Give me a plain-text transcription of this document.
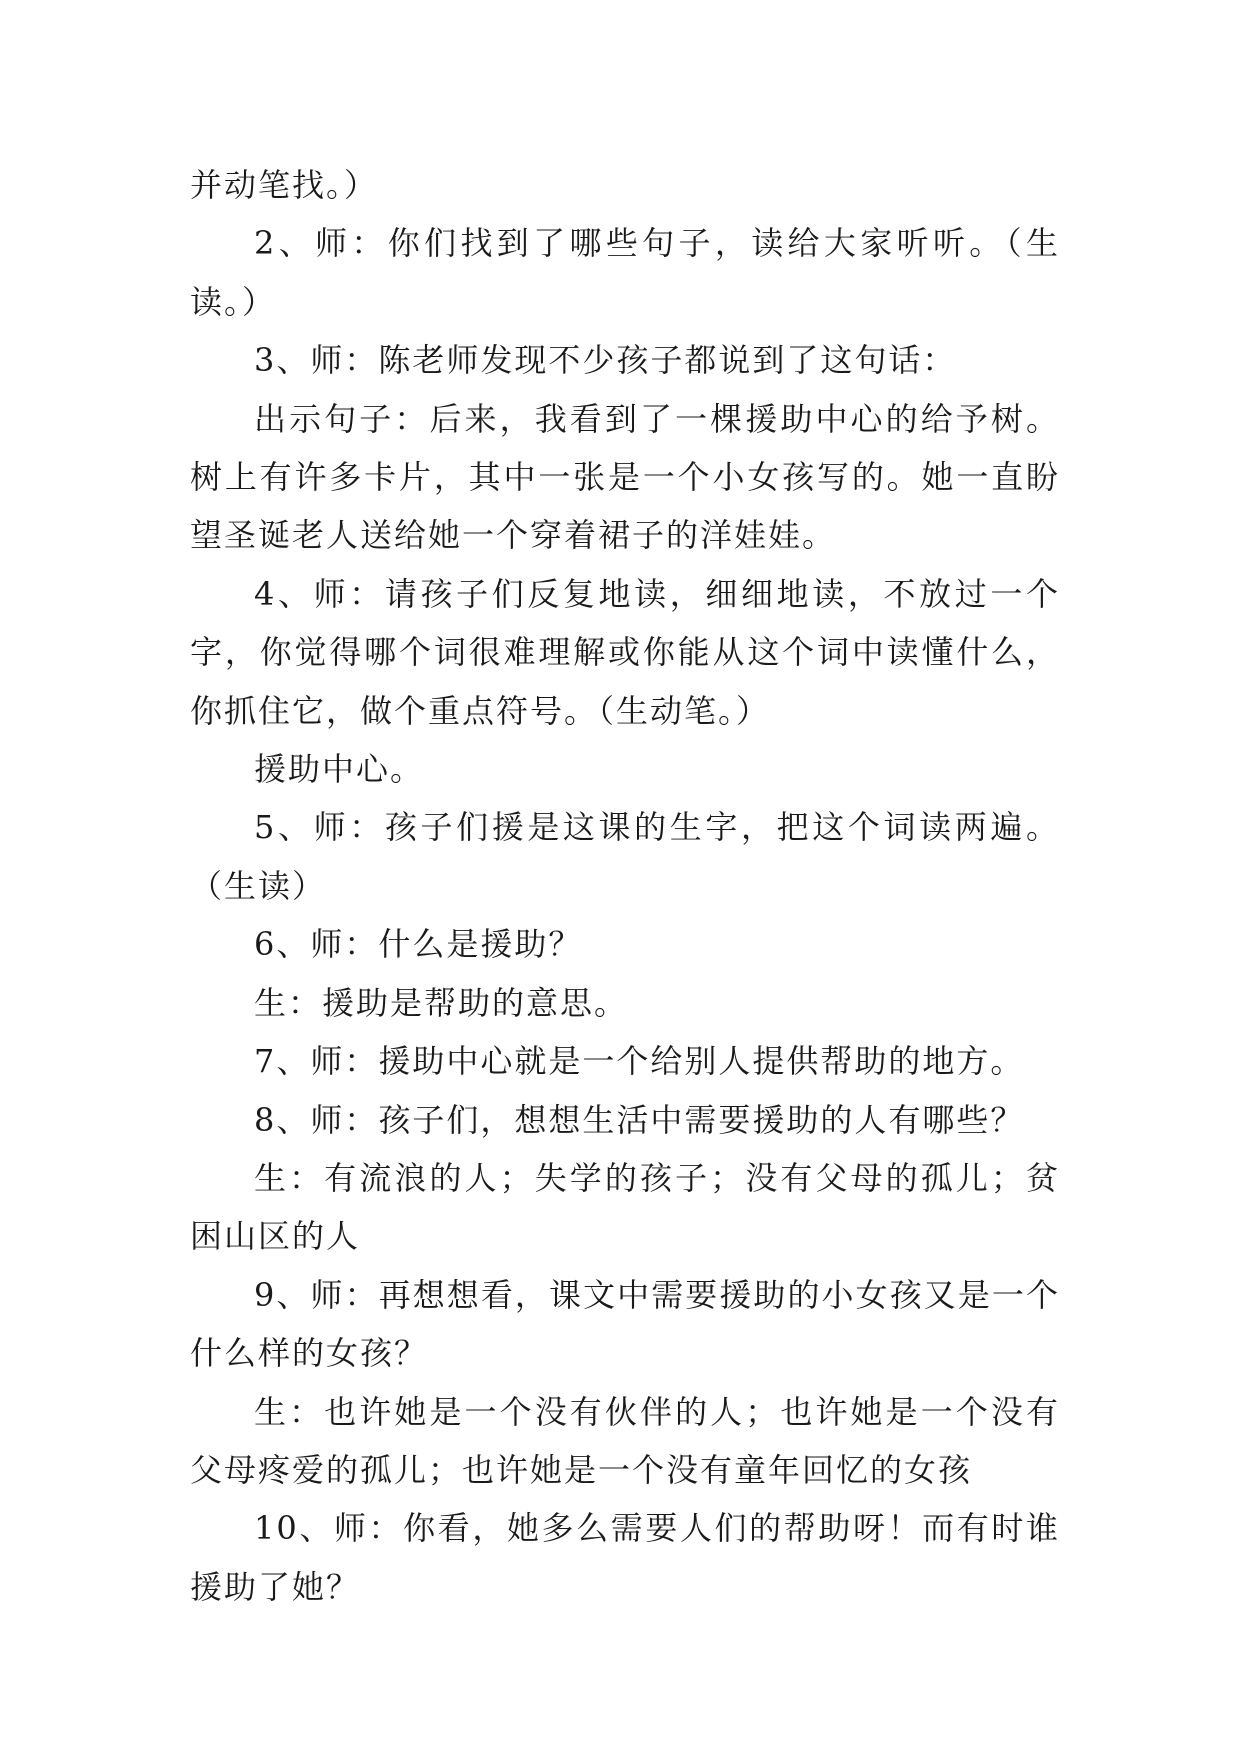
并动笔找。）

2、师：你们找到了哪些句子，读给大家听听。（生读。）

3、师：陈老师发现不少孩子都说到了这句话：

出示句子：后来，我看到了一棵援助中心的给予树。树上有许多卡片，其中一张是一个小女孩写的。她一直盼望圣诞老人送给她一个穿着裙子的洋娃娃。

4、师：请孩子们反复地读，细细地读，不放过一个字，你觉得哪个词很难理解或你能从这个词中读懂什么，你抓住它，做个重点符号。（生动笔。）

援助中心。

5、师：孩子们援是这课的生字，把这个词读两遍。（生读）

6、师：什么是援助？

生：援助是帮助的意思。

7、师：援助中心就是一个给别人提供帮助的地方。

8、师：孩子们，想想生活中需要援助的人有哪些？

生：有流浪的人；失学的孩子；没有父母的孤儿；贫困山区的人

9、师：再想想看，课文中需要援助的小女孩又是一个什么样的女孩？

生：也许她是一个没有伙伴的人；也许她是一个没有父母疼爱的孤儿；也许她是一个没有童年回忆的女孩

10、师：你看，她多么需要人们的帮助呀！而有时谁援助了她？
